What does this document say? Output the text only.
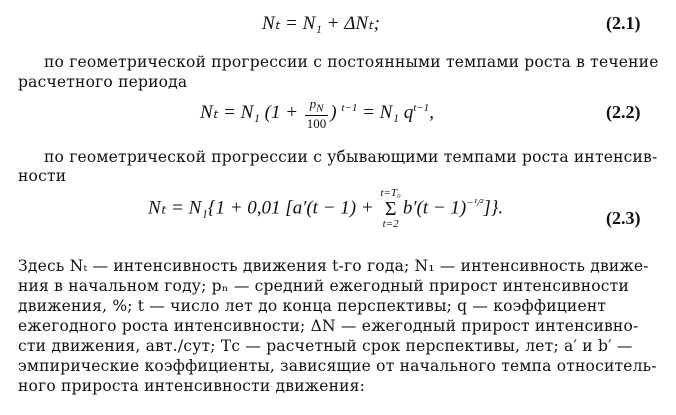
Nₜ = N₁ + ΔNₜ;	(2.1)
по геометрической прогрессии с постоянными темпами роста в течение
расчетного периода
Nₜ = N₁ ($1 + \frac{p_N}{100}$ ) $^{t-1}$ = N₁ $q^{t-1}$,	(2.2)
по геометрической прогрессии с убывающими темпами роста интенсив-
ности
Nₜ = N₁{1 + 0,01 [a′(t − 1) +
t=T₀
Σ
t=2
$b'(t - 1)^{-^1/^2}$]}.	(2.3)
Здесь Nₜ — интенсивность движения t-го года; N₁ — интенсивность движе-
ния в начальном году; pₙ — средний ежегодный прирост интенсивности
движения, %; t — число лет до конца перспективы; q — коэффициент
ежегодного роста интенсивности; ΔN — ежегодный прирост интенсивно-
сти движения, авт./сут; Tс — расчетный срок перспективы, лет; a′ и b′ —
эмпирические коэффициенты, зависящие от начального темпа относитель-
ного прироста интенсивности движения:
